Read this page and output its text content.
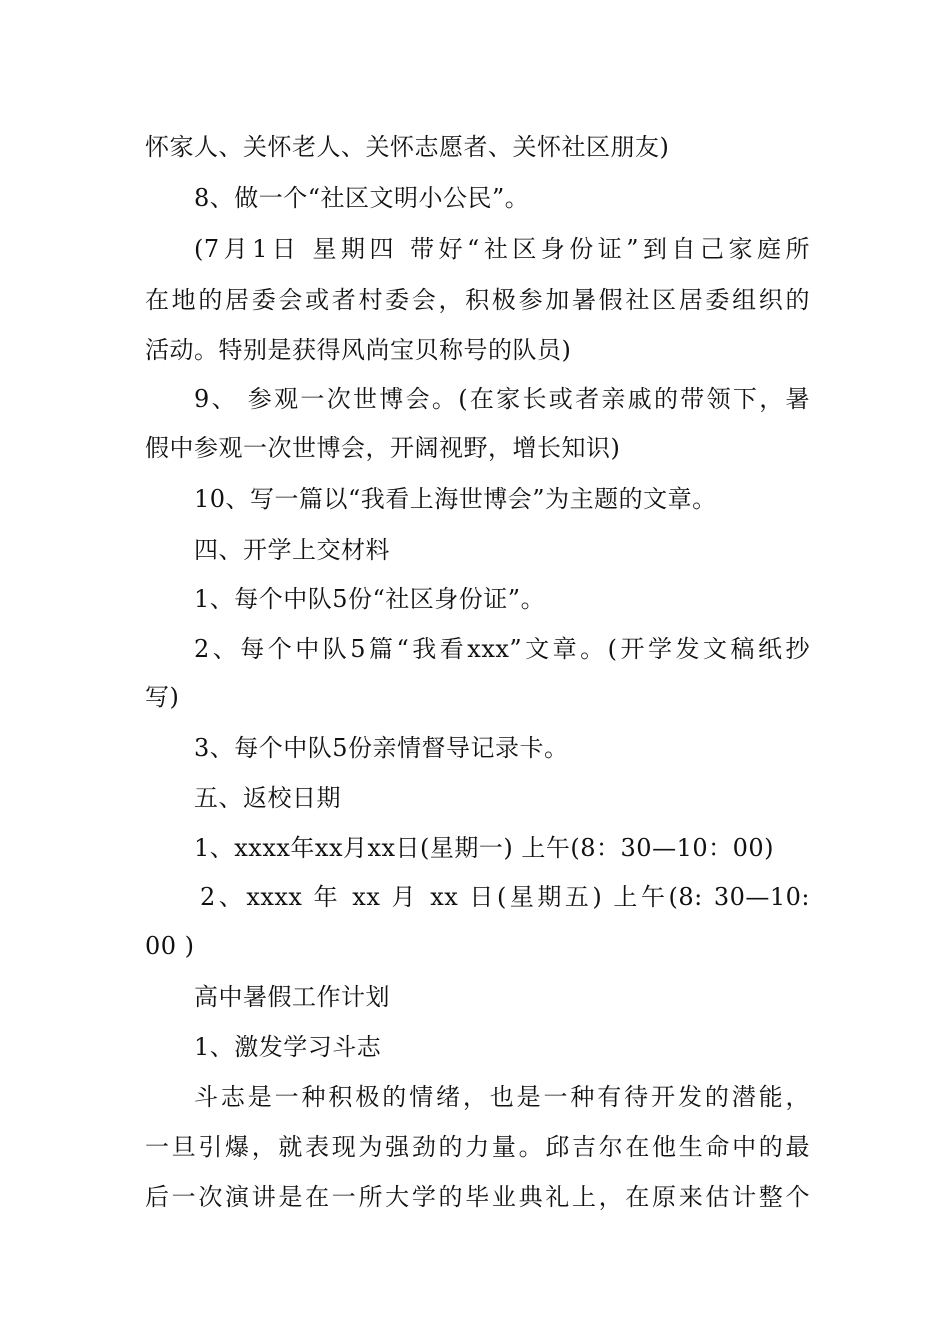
怀家人、关怀老人、关怀志愿者、关怀社区朋友)
8、做一个“社区文明小公民”。
(7月1日 星期四 带好“社区身份证”到自己家庭所
在地的居委会或者村委会，积极参加暑假社区居委组织的
活动。特别是获得风尚宝贝称号的队员)
9、 参观一次世博会。(在家长或者亲戚的带领下，暑
假中参观一次世博会，开阔视野，增长知识)
10、写一篇以“我看上海世博会”为主题的文章。
四、开学上交材料
1、每个中队5份“社区身份证”。
2、每个中队5篇“我看xxx”文章。(开学发文稿纸抄
写)
3、每个中队5份亲情督导记录卡。
五、返校日期
1、xxxx年xx月xx日(星期一) 上午(8：30—10：00)
2、xxxx 年 xx 月 xx 日(星期五) 上午(8: 30—10:
00 )
高中暑假工作计划
1、激发学习斗志
斗志是一种积极的情绪，也是一种有待开发的潜能，
一旦引爆，就表现为强劲的力量。邱吉尔在他生命中的最
后一次演讲是在一所大学的毕业典礼上，在原来估计整个
